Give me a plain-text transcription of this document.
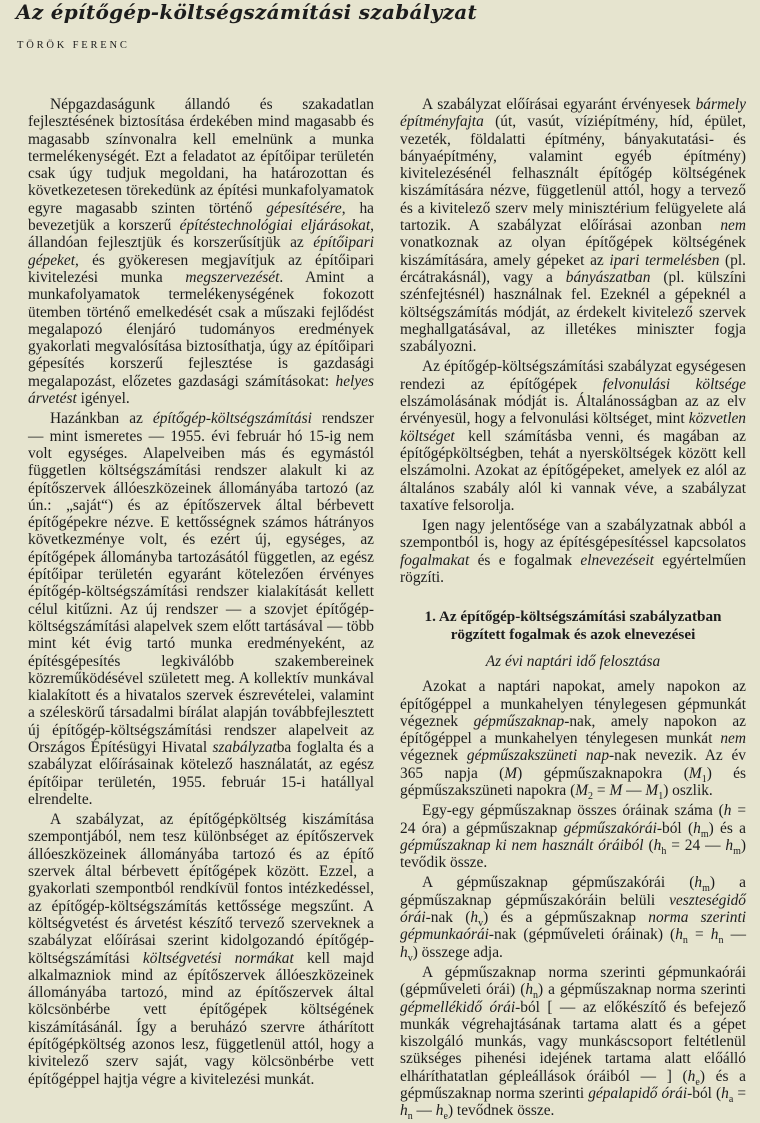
Az építőgép-költségszámítási szabályzat
TÖRÖK FERENC

Népgazdaságunk állandó és szakadatlan fejlesztésének biztosítása érdekében mind magasabb és magasabb színvonalra kell emelnünk a munka termelékenységét. Ezt a feladatot az építőipar területén csak úgy tudjuk megoldani, ha határozottan és következetesen törekedünk az építési munkafolyamatok egyre magasabb szinten történő gépesítésére, ha bevezetjük a korszerű építéstechnológiai eljárásokat, állandóan fejlesztjük és korszerűsítjük az építőipari gépeket, és gyökeresen megjavítjuk az építőipari kivitelezési munka megszervezését. Amint a munkafolyamatok termelékenységének fokozott ütemben történő emelkedését csak a műszaki fejlődést megalapozó élenjáró tudományos eredmények gyakorlati megvalósítása biztosíthatja, úgy az építőipari gépesítés korszerű fejlesztése is gazdasági megalapozást, előzetes gazdasági számításokat: helyes árvetést igényel.

Hazánkban az építőgép-költségszámítási rendszer — mint ismeretes — 1955. évi február hó 15-ig nem volt egységes. Alapelveiben más és egymástól független költségszámítási rendszer alakult ki az építőszervek állóeszközeinek állományába tartozó (az ún.: „saját“) és az építőszervek által bérbevett építőgépekre nézve. E kettősségnek számos hátrányos következménye volt, és ezért új, egységes, az építőgépek állományba tartozásától független, az egész építőipar területén egyaránt kötelezően érvényes építőgép-költségszámítási rendszer kialakítását kellett célul kitűzni. Az új rendszer — a szovjet építőgép-költségszámítási alapelvek szem előtt tartásával — több mint két évig tartó munka eredményeként, az építésgépesítés legkiválóbb szakembereinek közreműködésével született meg. A kollektív munkával kialakított és a hivatalos szervek észrevételei, valamint a széleskörű társadalmi bírálat alapján továbbfejlesztett új építőgép-költségszámítási rendszer alapelveit az Országos Építésügyi Hivatal szabályzatba foglalta és a szabályzat előírásainak kötelező használatát, az egész építőipar területén, 1955. február 15-i hatállyal elrendelte.

A szabályzat, az építőgépköltség kiszámítása szempontjából, nem tesz különbséget az építőszervek állóeszközeinek állományába tartozó és az építő szervek által bérbevett építőgépek között. Ezzel, a gyakorlati szempontból rendkívül fontos intézkedéssel, az építőgép-költségszámítás kettőssége megszűnt. A költségvetést és árvetést készítő tervező szerveknek a szabályzat előírásai szerint kidolgozandó építőgép-költségszámítási költségvetési normákat kell majd alkalmazniok mind az építőszervek állóeszközeinek állományába tartozó, mind az építőszervek által kölcsönbérbe vett építőgépek költségének kiszámításánál. Így a beruházó szervre áthárított építőgépköltség azonos lesz, függetlenül attól, hogy a kivitelező szerv saját, vagy kölcsönbérbe vett építőgéppel hajtja végre a kivitelezési munkát.

A szabályzat előírásai egyaránt érvényesek bármely építményfajta (út, vasút, víziépítmény, híd, épület, vezeték, földalatti építmény, bányakutatási- és bányaépítmény, valamint egyéb építmény) kivitelezésénél felhasznált építőgép költségének kiszámítására nézve, függetlenül attól, hogy a tervező és a kivitelező szerv mely minisztérium felügyelete alá tartozik. A szabályzat előírásai azonban nem vonatkoznak az olyan építőgépek költségének kiszámítására, amely gépeket az ipari termelésben (pl. ércátrakásnál), vagy a bányászatban (pl. külszíni szénfejtésnél) használnak fel. Ezeknél a gépeknél a költségszámítás módját, az érdekelt kivitelező szervek meghallgatásával, az illetékes miniszter fogja szabályozni.

Az építőgép-költségszámítási szabályzat egységesen rendezi az építőgépek felvonulási költsége elszámolásának módját is. Általánosságban az az elv érvényesül, hogy a felvonulási költséget, mint közvetlen költséget kell számításba venni, és magában az építőgépköltségben, tehát a nyersköltségek között kell elszámolni. Azokat az építőgépeket, amelyek ez alól az általános szabály alól ki vannak véve, a szabályzat taxatíve felsorolja.

Igen nagy jelentősége van a szabályzatnak abból a szempontból is, hogy az építésgépesítéssel kapcsolatos fogalmakat és e fogalmak elnevezéseit egyértelműen rögzíti.

1. Az építőgép-költségszámítási szabályzatban rögzített fogalmak és azok elnevezései
Az évi naptári idő felosztása

Azokat a naptári napokat, amely napokon az építőgéppel a munkahelyen ténylegesen gépmunkát végeznek gépműszaknap-nak, amely napokon az építőgéppel a munkahelyen ténylegesen munkát nem végeznek gépműszakszüneti nap-nak nevezik. Az év 365 napja (M) gépműszaknapokra $(M_1)$ és gépműszakszüneti napokra ($M_2 = M$ — $M_1$) oszlik.

Egy-egy gépműszaknap összes óráinak száma (h = 24 óra) a gépműszaknap gépműszakórái-ból $(h_m)$ és a gépműszaknap ki nem használt óráiból ($h_h = 24$ — $h_m$) tevődik össze.

A gépműszaknap gépműszakórái $(h_m)$ a gépműszaknap gépműszakóráin belüli veszteségidő órái-nak $(h_v)$ és a gépműszaknap norma szerinti gépmunkaórái-nak (gépműveleti óráinak) ($h_n = h_n$ — $h_v$) összege adja.

A gépműszaknap norma szerinti gépmunkaórái (gépműveleti órái) $(h_n)$ a gépműszaknap norma szerinti gépmellékidő órái-ból [ — az előkészítő és befejező munkák végrehajtásának tartama alatt és a gépet kiszolgáló munkás, vagy munkáscsoport feltétlenül szükséges pihenési idejének tartama alatt előálló elháríthatatlan gépleállások óráiból — ] $(h_e)$ és a gépműszaknap norma szerinti gépalapidő órái-ból ($h_a = h_n$ — $h_e$) tevődnek össze.
